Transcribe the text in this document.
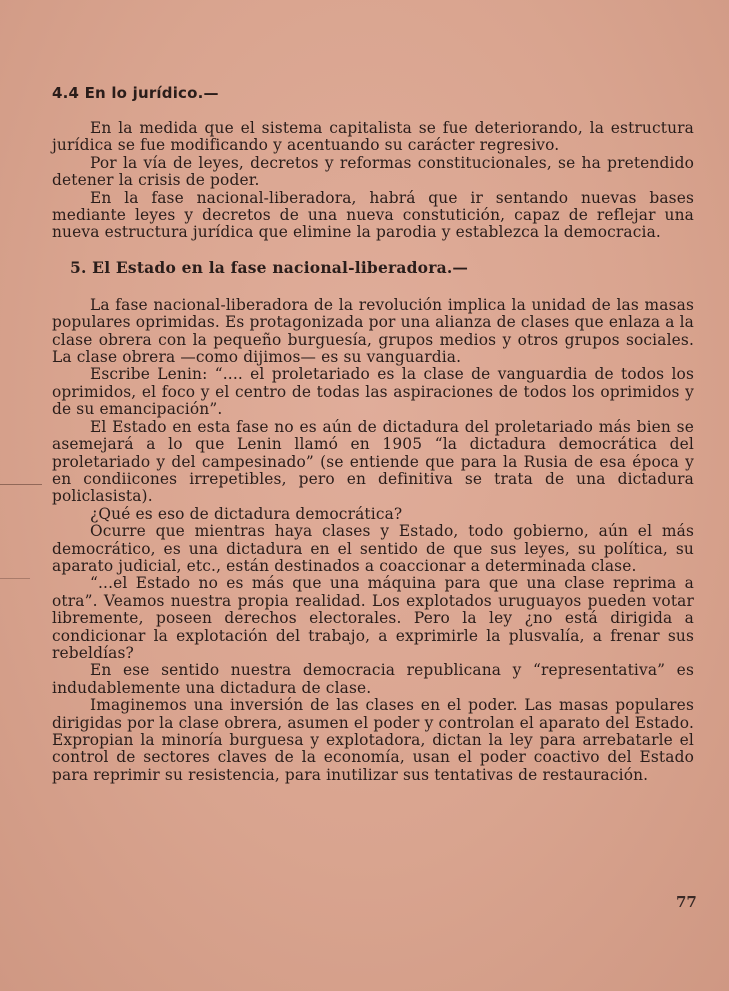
4.4 En lo jurídico.—

En la medida que el sistema capitalista se fue deteriorando, la estructura jurídica se fue modificando y acentuando su carácter regresivo.

Por la vía de leyes, decretos y reformas constitucionales, se ha pretendido detener la crisis de poder.

En la fase nacional-liberadora, habrá que ir sentando nuevas bases mediante leyes y decretos de una nueva constutición, capaz de reflejar una nueva estructura jurídica que elimine la parodia y establezca la democracia.

5. El Estado en la fase nacional-liberadora.—

La fase nacional-liberadora de la revolución implica la unidad de las masas populares oprimidas. Es protagonizada por una alianza de clases que enlaza a la clase obrera con la pequeño burguesía, grupos medios y otros grupos sociales. La clase obrera —como dijimos— es su vanguardia.

Escribe Lenin: “.... el proletariado es la clase de vanguardia de todos los oprimidos, el foco y el centro de todas las aspiraciones de todos los oprimidos y de su emancipación”.

El Estado en esta fase no es aún de dictadura del proletariado más bien se asemejará a lo que Lenin llamó en 1905 “la dictadura democrática del proletariado y del campesinado” (se entiende que para la Rusia de esa época y en condiicones irrepetibles, pero en definitiva se trata de una dictadura policlasista).

¿Qué es eso de dictadura democrática?

Ocurre que mientras haya clases y Estado, todo gobierno, aún el más democrático, es una dictadura en el sentido de que sus leyes, su política, su aparato judicial, etc., están destinados a coaccionar a determinada clase.

“...el Estado no es más que una máquina para que una clase reprima a otra”. Veamos nuestra propia realidad. Los explotados uruguayos pueden votar libremente, poseen derechos electorales. Pero la ley ¿no está dirigida a condicionar la explotación del trabajo, a exprimirle la plusvalía, a frenar sus rebeldías?

En ese sentido nuestra democracia republicana y “representativa” es indudablemente una dictadura de clase.

Imaginemos una inversión de las clases en el poder. Las masas populares dirigidas por la clase obrera, asumen el poder y controlan el aparato del Estado. Expropian la minoría burguesa y explotadora, dictan la ley para arrebatarle el control de sectores claves de la economía, usan el poder coactivo del Estado para reprimir su resistencia, para inutilizar sus tentativas de restauración.

77
